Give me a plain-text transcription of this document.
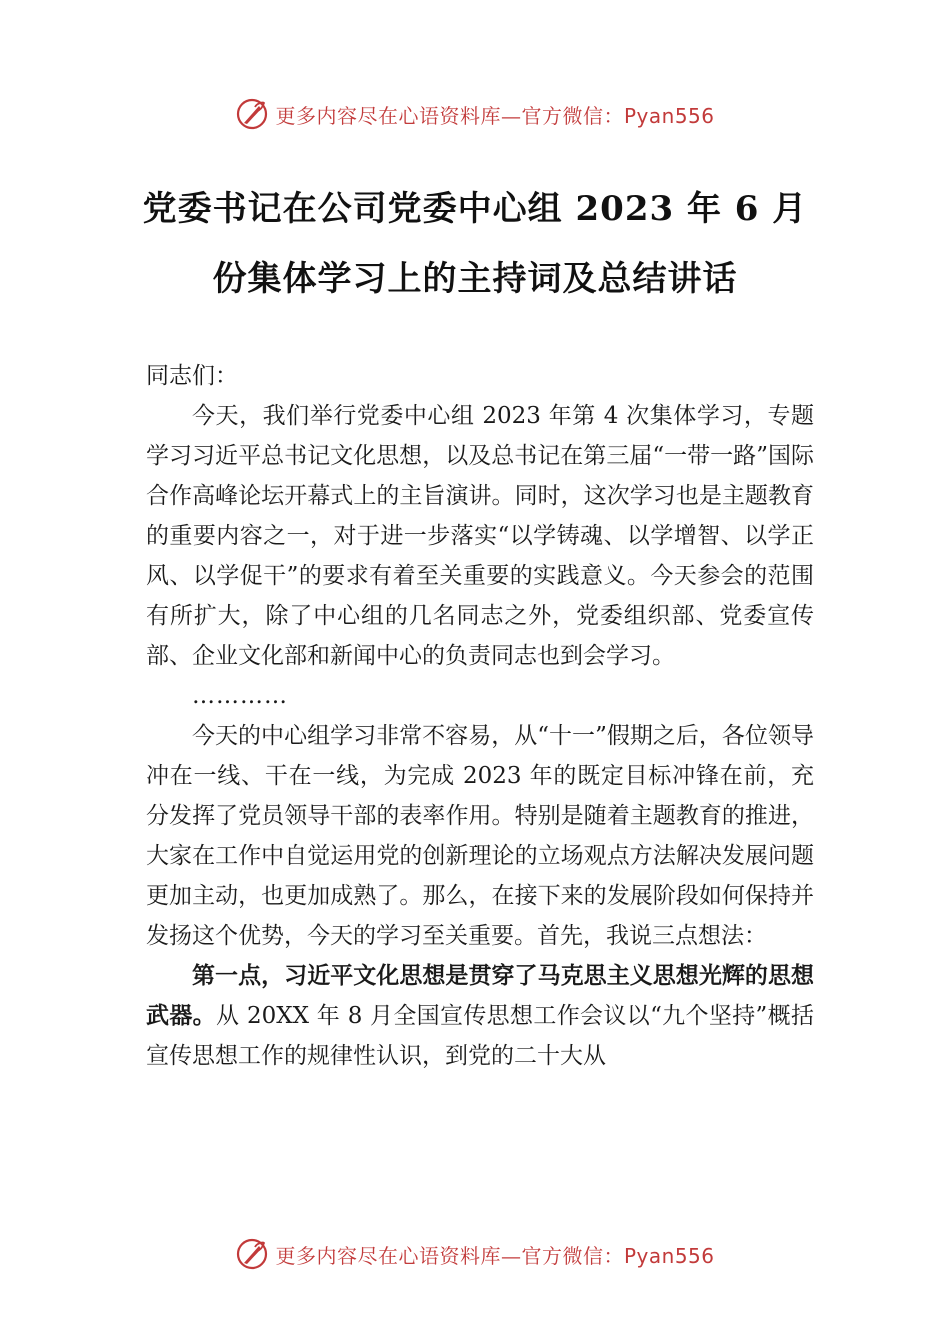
更多内容尽在心语资料库—官方微信：Pyan556
党委书记在公司党委中心组 2023 年 6 月
份集体学习上的主持词及总结讲话

同志们：

今天，我们举行党委中心组 2023 年第 4 次集体学习，专题学习习近平总书记文化思想，以及总书记在第三届“一带一路”国际合作高峰论坛开幕式上的主旨演讲。同时，这次学习也是主题教育的重要内容之一，对于进一步落实“以学铸魂、以学增智、以学正风、以学促干”的要求有着至关重要的实践意义。今天参会的范围有所扩大，除了中心组的几名同志之外，党委组织部、党委宣传部、企业文化部和新闻中心的负责同志也到会学习。

…………

今天的中心组学习非常不容易，从“十一”假期之后，各位领导冲在一线、干在一线，为完成 2023 年的既定目标冲锋在前，充分发挥了党员领导干部的表率作用。特别是随着主题教育的推进，大家在工作中自觉运用党的创新理论的立场观点方法解决发展问题更加主动，也更加成熟了。那么，在接下来的发展阶段如何保持并发扬这个优势，今天的学习至关重要。首先，我说三点想法：

第一点，习近平文化思想是贯穿了马克思主义思想光辉的思想武器。从 20XX 年 8 月全国宣传思想工作会议以“九个坚持”概括宣传思想工作的规律性认识，到党的二十大从

更多内容尽在心语资料库—官方微信：Pyan556
